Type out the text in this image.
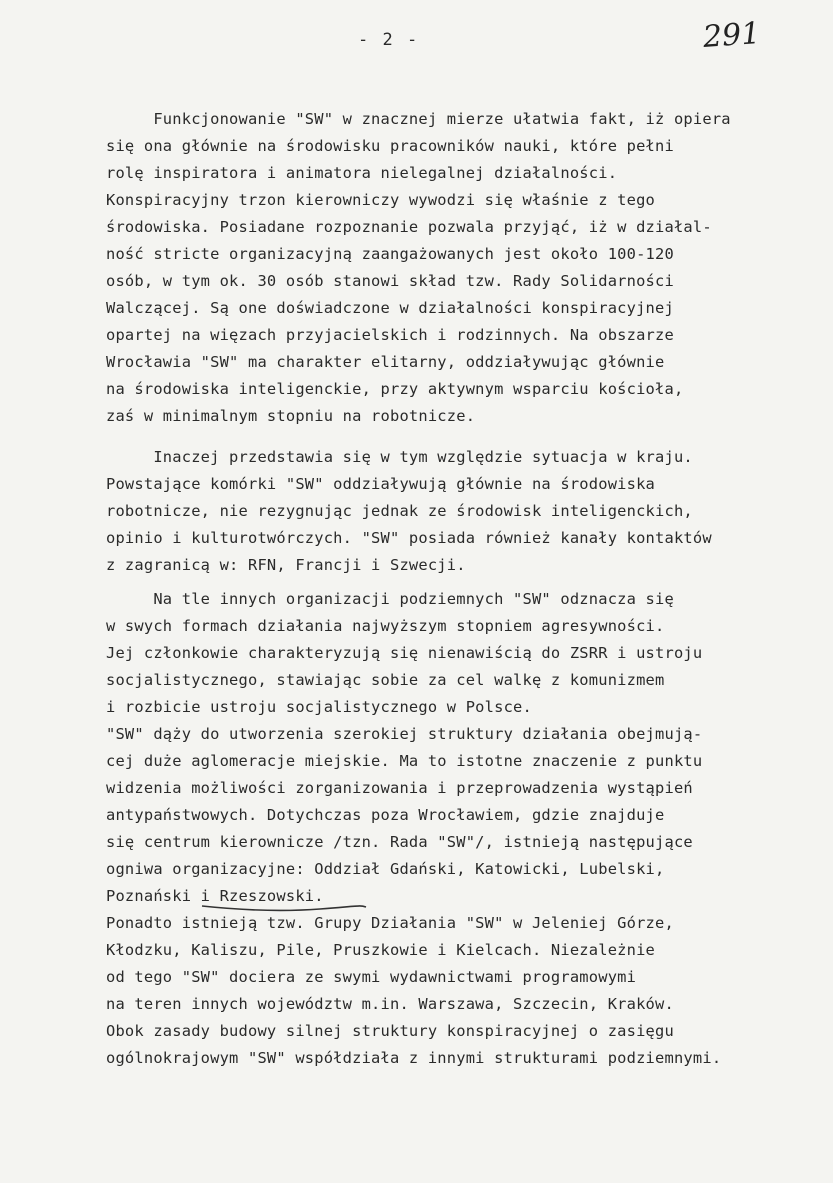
- 2 -	291
Funkcjonowanie "SW" w znacznej mierze ułatwia fakt, iż opiera
się ona głównie na środowisku pracowników nauki, które pełni
rolę inspiratora i animatora nielegalnej działalności.
Konspiracyjny trzon kierowniczy wywodzi się właśnie z tego
środowiska. Posiadane rozpoznanie pozwala przyjąć, iż w działal-
ność stricte organizacyjną zaangażowanych jest około 100-120
osób, w tym ok. 30 osób stanowi skład tzw. Rady Solidarności
Walczącej. Są one doświadczone w działalności konspiracyjnej
opartej na więzach przyjacielskich i rodzinnych. Na obszarze
Wrocławia "SW" ma charakter elitarny, oddziaływując głównie
na środowiska inteligenckie, przy aktywnym wsparciu kościoła,
zaś w minimalnym stopniu na robotnicze.
Inaczej przedstawia się w tym względzie sytuacja w kraju.
Powstające komórki "SW" oddziaływują głównie na środowiska
robotnicze, nie rezygnując jednak ze środowisk inteligenckich,
opinio i kulturotwórczych. "SW" posiada również kanały kontaktów
z zagranicą w: RFN, Francji i Szwecji.
Na tle innych organizacji podziemnych "SW" odznacza się
w swych formach działania najwyższym stopniem agresywności.
Jej członkowie charakteryzują się nienawiścią do ZSRR i ustroju
socjalistycznego, stawiając sobie za cel walkę z komunizmem
i rozbicie ustroju socjalistycznego w Polsce.
"SW" dąży do utworzenia szerokiej struktury działania obejmują-
cej duże aglomeracje miejskie. Ma to istotne znaczenie z punktu
widzenia możliwości zorganizowania i przeprowadzenia wystąpień
antypaństwowych. Dotychczas poza Wrocławiem, gdzie znajduje
się centrum kierownicze /tzn. Rada "SW"/, istnieją następujące
ogniwa organizacyjne: Oddział Gdański, Katowicki, Lubelski,
Poznański i Rzeszowski.
Ponadto istnieją tzw. Grupy Działania "SW" w Jeleniej Górze,
Kłodzku, Kaliszu, Pile, Pruszkowie i Kielcach. Niezależnie
od tego "SW" dociera ze swymi wydawnictwami programowymi
na teren innych województw m.in. Warszawa, Szczecin, Kraków.
Obok zasady budowy silnej struktury konspiracyjnej o zasięgu
ogólnokrajowym "SW" współdziała z innymi strukturami podziemnymi.
